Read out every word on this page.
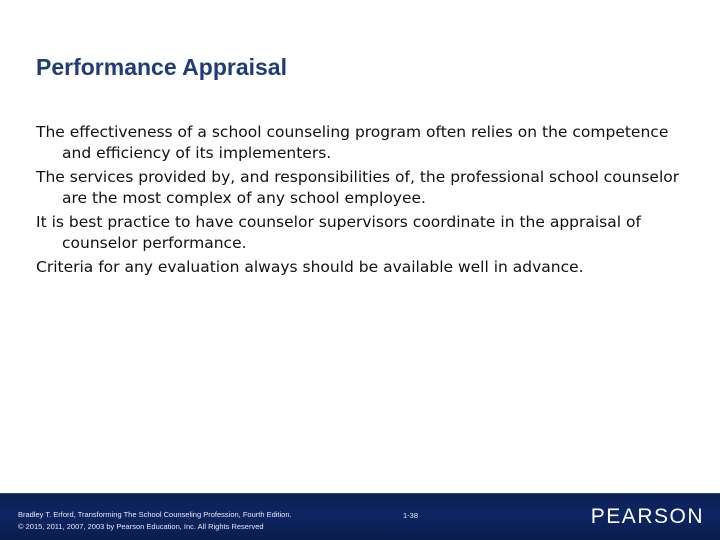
Performance Appraisal
The effectiveness of a school counseling program often relies on the competence and efficiency of its implementers.
The services provided by, and responsibilities of, the professional school counselor are the most complex of any school employee.
It is best practice to have counselor supervisors coordinate in the appraisal of counselor performance.
Criteria for any evaluation always should be available well in advance.
Bradley T. Erford, Transforming The School Counseling Profession, Fourth Edition.
© 2015, 2011, 2007, 2003 by Pearson Education, Inc. All Rights Reserved
1-38	PEARSON
